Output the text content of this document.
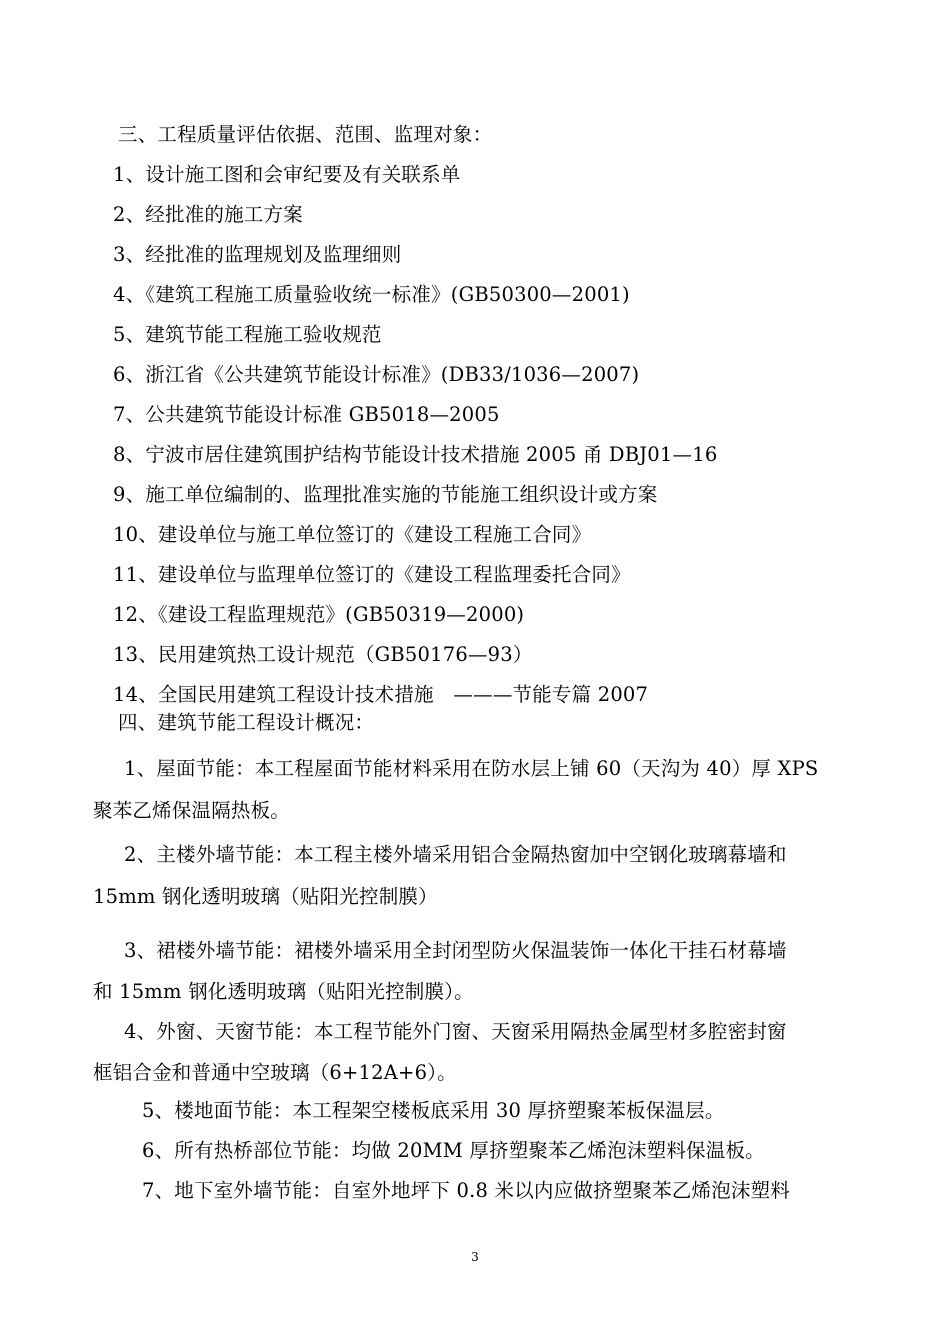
三、工程质量评估依据、范围、监理对象：
1、设计施工图和会审纪要及有关联系单
2、经批准的施工方案
3、经批准的监理规划及监理细则
4、《建筑工程施工质量验收统一标准》(GB50300—2001)
5、建筑节能工程施工验收规范
6、浙江省《公共建筑节能设计标准》(DB33/1036—2007)
7、公共建筑节能设计标准 GB5018—2005
8、宁波市居住建筑围护结构节能设计技术措施 2005 甬 DBJ01—16
9、施工单位编制的、监理批准实施的节能施工组织设计或方案
10、建设单位与施工单位签订的《建设工程施工合同》
11、建设单位与监理单位签订的《建设工程监理委托合同》
12、《建设工程监理规范》(GB50319—2000)
13、民用建筑热工设计规范（GB50176—93）
14、全国民用建筑工程设计技术措施　———节能专篇 2007
四、建筑节能工程设计概况：
1、屋面节能：本工程屋面节能材料采用在防水层上铺 60（天沟为 40）厚 XPS
聚苯乙烯保温隔热板。
2、主楼外墙节能：本工程主楼外墙采用铝合金隔热窗加中空钢化玻璃幕墙和
15mm 钢化透明玻璃（贴阳光控制膜）
3、裙楼外墙节能：裙楼外墙采用全封闭型防火保温装饰一体化干挂石材幕墙
和 15mm 钢化透明玻璃（贴阳光控制膜）。
4、外窗、天窗节能：本工程节能外门窗、天窗采用隔热金属型材多腔密封窗
框铝合金和普通中空玻璃（6+12A+6）。
5、楼地面节能：本工程架空楼板底采用 30 厚挤塑聚苯板保温层。
6、所有热桥部位节能：均做 20MM 厚挤塑聚苯乙烯泡沫塑料保温板。
7、地下室外墙节能：自室外地坪下 0.8 米以内应做挤塑聚苯乙烯泡沫塑料
3
